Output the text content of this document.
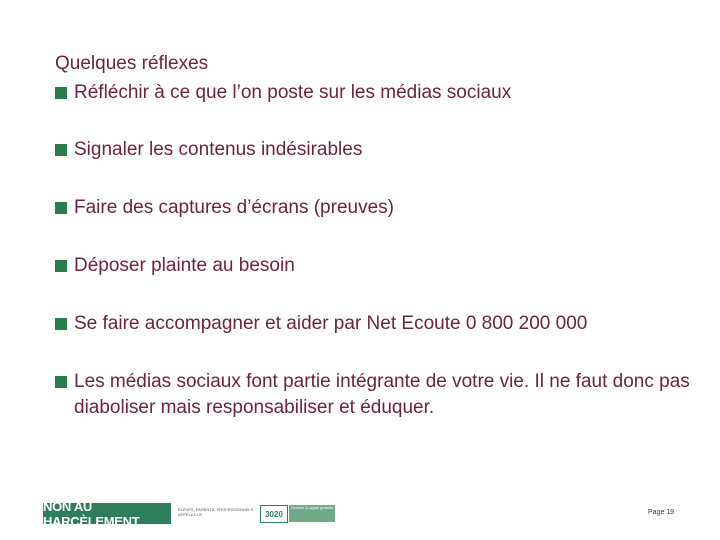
Quelques réflexes
Réfléchir à ce que l’on poste sur les médias sociaux
Signaler les contenus indésirables
Faire des captures d’écrans (preuves)
Déposer plainte au besoin
Se faire accompagner et aider par Net Ecoute 0 800 200 000
Les médias sociaux font partie intégrante de votre vie. Il ne faut donc pas diaboliser mais responsabiliser et éduquer.
NON AU HARCÈLEMENT
ÉLÈVES, PARENTS, PROFESSIONNELS APPELEZ LE	3020
Service & appel gratuits
Page 19
